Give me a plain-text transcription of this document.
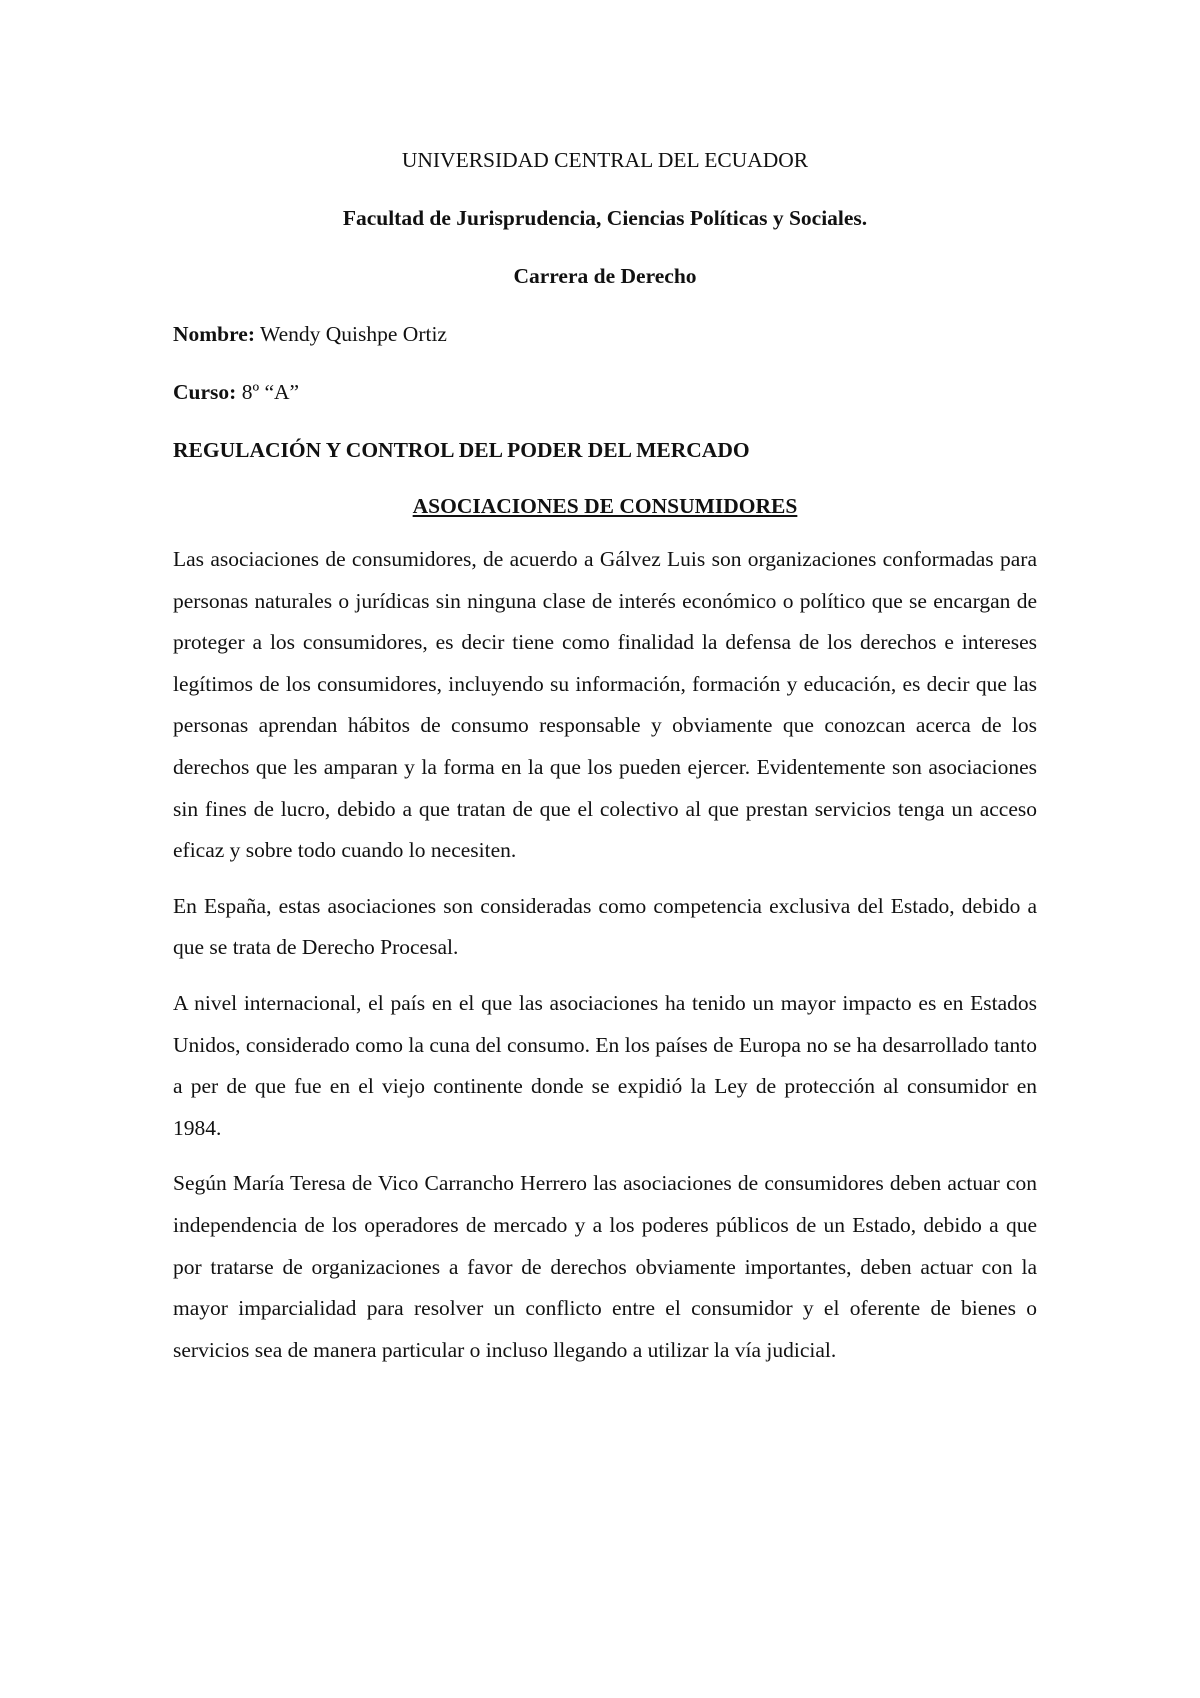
UNIVERSIDAD CENTRAL DEL ECUADOR

Facultad de Jurisprudencia, Ciencias Políticas y Sociales.

Carrera de Derecho

Nombre: Wendy Quishpe Ortiz

Curso: 8º “A”

REGULACIÓN Y CONTROL DEL PODER DEL MERCADO

ASOCIACIONES DE CONSUMIDORES

Las asociaciones de consumidores, de acuerdo a Gálvez Luis son organizaciones conformadas para personas naturales o jurídicas sin ninguna clase de interés económico o político que se encargan de proteger a los consumidores, es decir tiene como finalidad la defensa de los derechos e intereses legítimos de los consumidores, incluyendo su información, formación y educación, es decir que las personas aprendan hábitos de consumo responsable y obviamente que conozcan acerca de los derechos que les amparan y la forma en la que los pueden ejercer. Evidentemente son asociaciones sin fines de lucro, debido a que tratan de que el colectivo al que prestan servicios tenga un acceso eficaz y sobre todo cuando lo necesiten.

En España, estas asociaciones son consideradas como competencia exclusiva del Estado, debido a que se trata de Derecho Procesal.

A nivel internacional, el país en el que las asociaciones ha tenido un mayor impacto es en Estados Unidos, considerado como la cuna del consumo. En los países de Europa no se ha desarrollado tanto a per de que fue en el viejo continente donde se expidió la Ley de protección al consumidor en 1984.

Según María Teresa de Vico Carrancho Herrero las asociaciones de consumidores deben actuar con independencia de los operadores de mercado y a los poderes públicos de un Estado, debido a que por tratarse de organizaciones a favor de derechos obviamente importantes, deben actuar con la mayor imparcialidad para resolver un conflicto entre el consumidor y el oferente de bienes o servicios sea de manera particular o incluso llegando a utilizar la vía judicial.
